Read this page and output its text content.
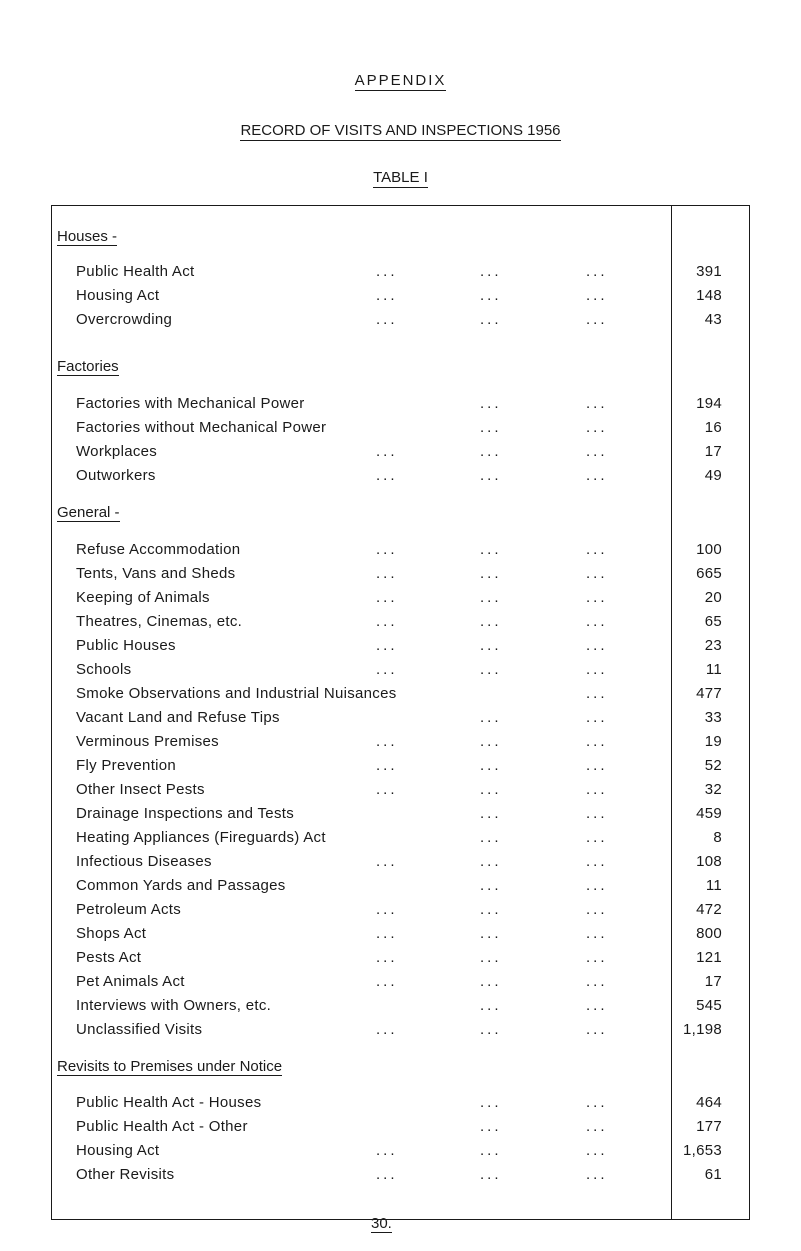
APPENDIX
RECORD OF VISITS AND INSPECTIONS 1956
TABLE I
Houses -
Public Health Act	...	...	...	391
Housing Act	...	...	...	148
Overcrowding	...	...	...	43
Factories
Factories with Mechanical Power	...	...	194
Factories without Mechanical Power	...	...	16
Workplaces	...	...	...	17
Outworkers	...	...	...	49
General -
Refuse Accommodation	...	...	...	100
Tents, Vans and Sheds	...	...	...	665
Keeping of Animals	...	...	...	20
Theatres, Cinemas, etc.	...	...	...	65
Public Houses	...	...	...	23
Schools	...	...	...	11
Smoke Observations and Industrial Nuisances	...	477
Vacant Land and Refuse Tips	...	...	33
Verminous Premises	...	...	...	19
Fly Prevention	...	...	...	52
Other Insect Pests	...	...	...	32
Drainage Inspections and Tests	...	...	459
Heating Appliances (Fireguards) Act	...	...	8
Infectious Diseases	...	...	...	108
Common Yards and Passages	...	...	11
Petroleum Acts	...	...	...	472
Shops Act	...	...	...	800
Pests Act	...	...	...	121
Pet Animals Act	...	...	...	17
Interviews with Owners, etc.	...	...	545
Unclassified Visits	...	...	...	1,198
Revisits to Premises under Notice
Public Health Act - Houses	...	...	464
Public Health Act - Other	...	...	177
Housing Act	...	...	...	1,653
Other Revisits	...	...	...	61
30.
